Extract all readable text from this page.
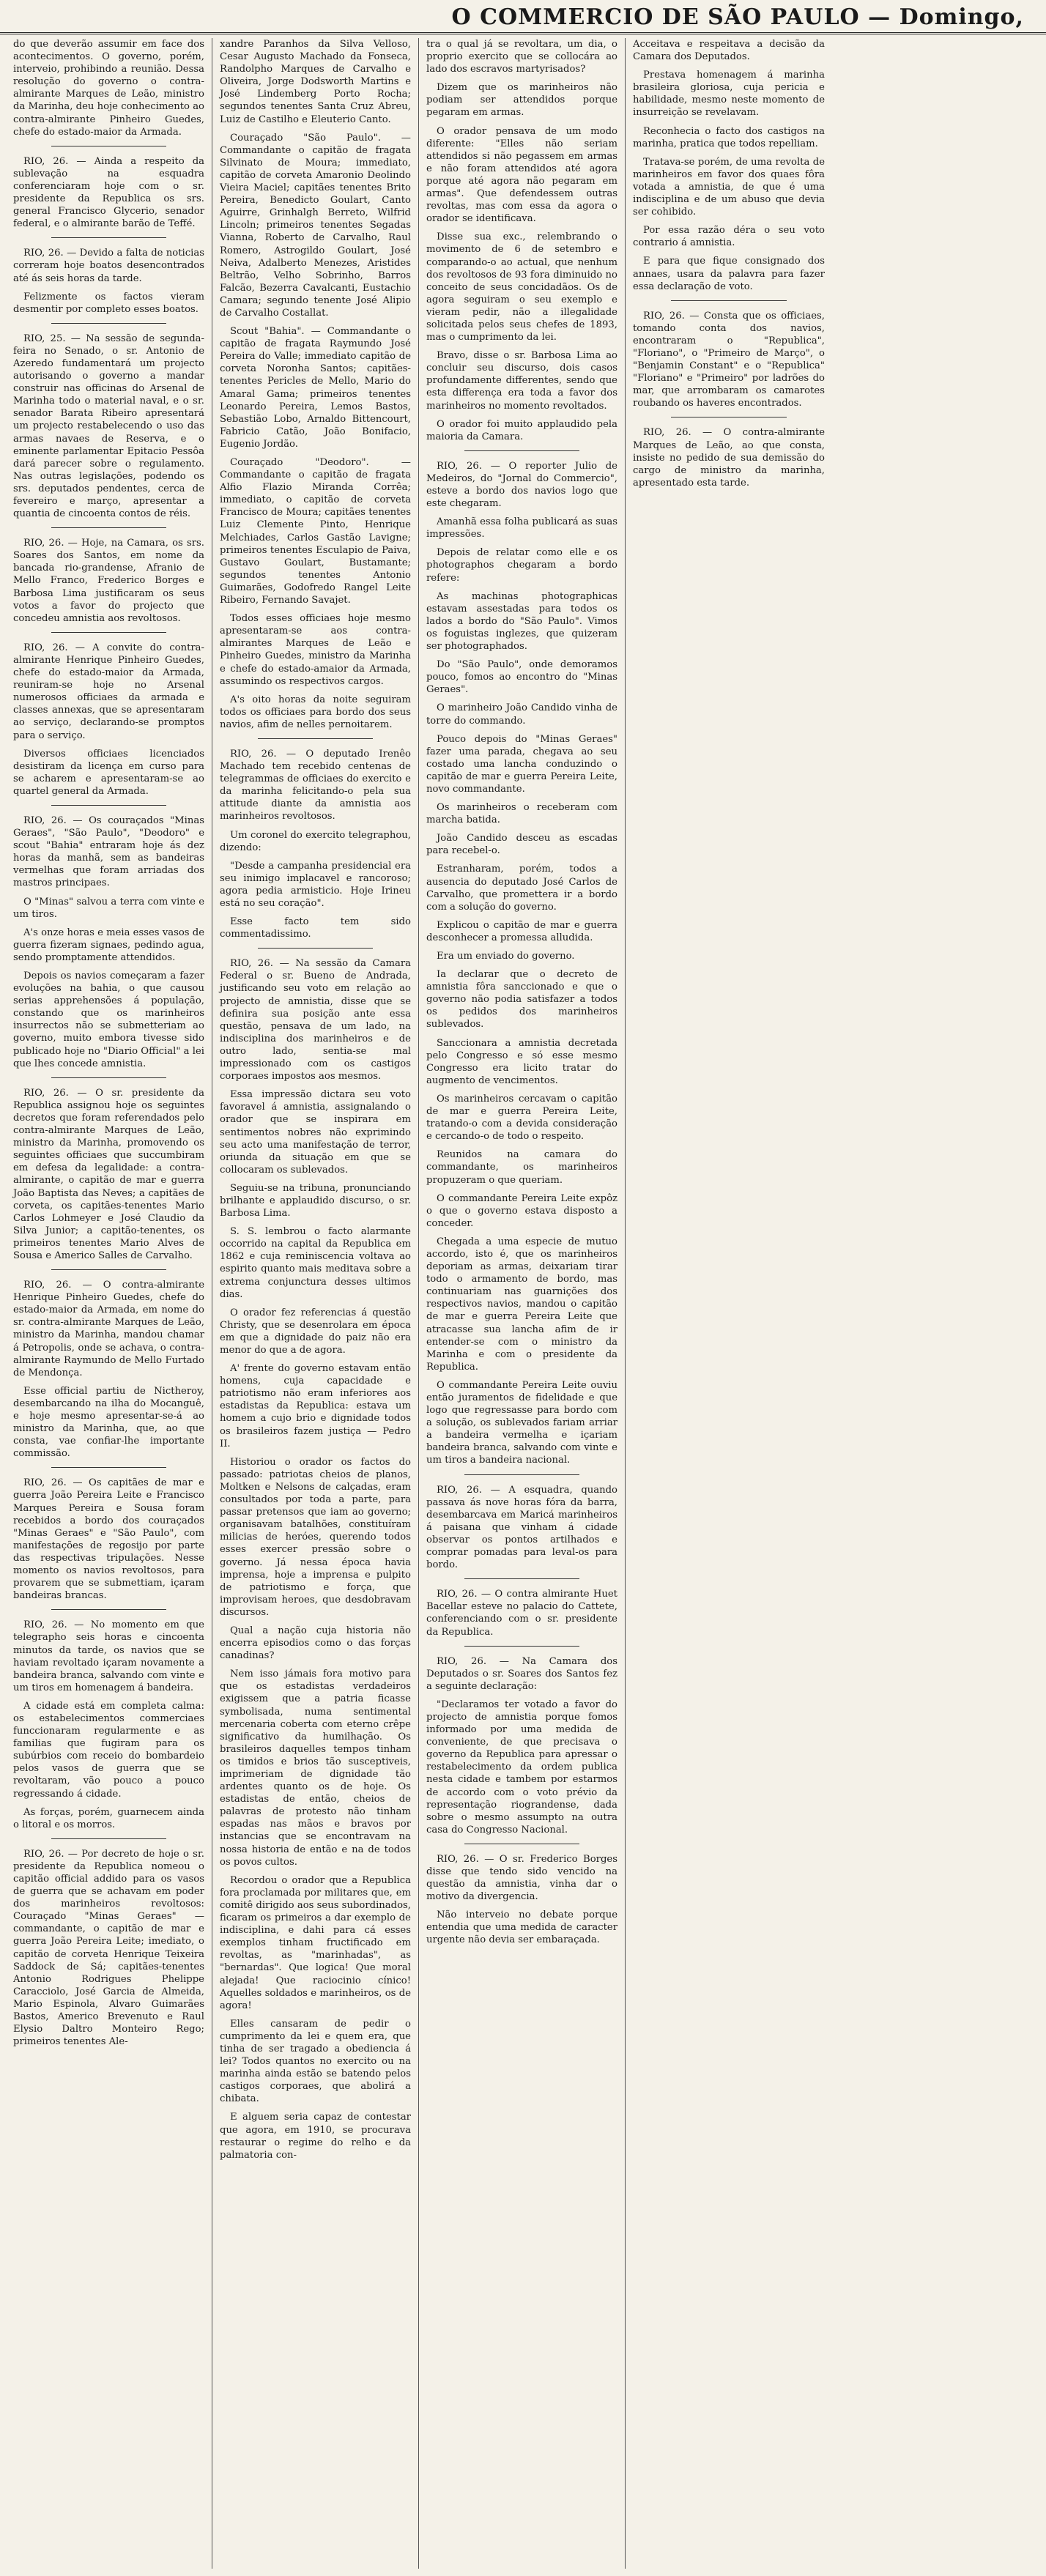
O COMMERCIO DE SÃO PAULO — Domingo,

do que deverão assumir em face dos acontecimentos. O governo, porém, interveio, prohibindo a reunião. Dessa resolução do governo o contra-almirante Marques de Leão, ministro da Marinha, deu hoje conhecimento ao contra-almirante Pinheiro Guedes, chefe do estado-maior da Armada.

RIO, 26. — Ainda a respeito da sublevação na esquadra conferenciaram hoje com o sr. presidente da Republica os srs. general Francisco Glycerio, senador federal, e o almirante barão de Teffé.

RIO, 26. — Devido a falta de noticias correram hoje boatos desencontrados até ás seis horas da tarde.

Felizmente os factos vieram desmentir por completo esses boatos.

RIO, 25. — Na sessão de segunda-feira no Senado, o sr. Antonio de Azeredo fundamentará um projecto autorisando o governo a mandar construir nas officinas do Arsenal de Marinha todo o material naval, e o sr. senador Barata Ribeiro apresentará um projecto restabelecendo o uso das armas navaes de Reserva, e o eminente parlamentar Epitacio Pessôa dará parecer sobre o regulamento. Nas outras legislações, podendo os srs. deputados pendentes, cerca de fevereiro e março, apresentar a quantia de cincoenta contos de réis.

RIO, 26. — Hoje, na Camara, os srs. Soares dos Santos, em nome da bancada rio-grandense, Afranio de Mello Franco, Frederico Borges e Barbosa Lima justificaram os seus votos a favor do projecto que concedeu amnistia aos revoltosos.

RIO, 26. — A convite do contra-almirante Henrique Pinheiro Guedes, chefe do estado-maior da Armada, reuniram-se hoje no Arsenal numerosos officiaes da armada e classes annexas, que se apresentaram ao serviço, declarando-se promptos para o serviço.

Diversos officiaes licenciados desistiram da licença em curso para se acharem e apresentaram-se ao quartel general da Armada.

RIO, 26. — Os couraçados "Minas Geraes", "São Paulo", "Deodoro" e scout "Bahia" entraram hoje ás dez horas da manhã, sem as bandeiras vermelhas que foram arriadas dos mastros principaes.

O "Minas" salvou a terra com vinte e um tiros.

A's onze horas e meia esses vasos de guerra fizeram signaes, pedindo agua, sendo promptamente attendidos.

Depois os navios começaram a fazer evoluções na bahia, o que causou serias apprehensões á população, constando que os marinheiros insurrectos não se submetteriam ao governo, muito embora tivesse sido publicado hoje no "Diario Official" a lei que lhes concede amnistia.

RIO, 26. — O sr. presidente da Republica assignou hoje os seguintes decretos que foram referendados pelo contra-almirante Marques de Leão, ministro da Marinha, promovendo os seguintes officiaes que succumbiram em defesa da legalidade: a contra-almirante, o capitão de mar e guerra João Baptista das Neves; a capitães de corveta, os capitães-tenentes Mario Carlos Lohmeyer e José Claudio da Silva Junior; a capitão-tenentes, os primeiros tenentes Mario Alves de Sousa e Americo Salles de Carvalho.

RIO, 26. — O contra-almirante Henrique Pinheiro Guedes, chefe do estado-maior da Armada, em nome do sr. contra-almirante Marques de Leão, ministro da Marinha, mandou chamar á Petropolis, onde se achava, o contra-almirante Raymundo de Mello Furtado de Mendonça.

Esse official partiu de Nictheroy, desembarcando na ilha do Mocanguê, e hoje mesmo apresentar-se-á ao ministro da Marinha, que, ao que consta, vae confiar-lhe importante commissão.

RIO, 26. — Os capitães de mar e guerra João Pereira Leite e Francisco Marques Pereira e Sousa foram recebidos a bordo dos couraçados "Minas Geraes" e "São Paulo", com manifestações de regosijo por parte das respectivas tripulações. Nesse momento os navios revoltosos, para provarem que se submettiam, içaram bandeiras brancas.

RIO, 26. — No momento em que telegrapho seis horas e cincoenta minutos da tarde, os navios que se haviam revoltado içaram novamente a bandeira branca, salvando com vinte e um tiros em homenagem á bandeira.

A cidade está em completa calma: os estabelecimentos commerciaes funccionaram regularmente e as familias que fugiram para os subúrbios com receio do bombardeio pelos vasos de guerra que se revoltaram, vão pouco a pouco regressando á cidade.

As forças, porém, guarnecem ainda o litoral e os morros.

RIO, 26. — Por decreto de hoje o sr. presidente da Republica nomeou o capitão official addido para os vasos de guerra que se achavam em poder dos marinheiros revoltosos: Couraçado "Minas Geraes" — commandante, o capitão de mar e guerra João Pereira Leite; imediato, o capitão de corveta Henrique Teixeira Saddock de Sá; capitães-tenentes Antonio Rodrigues Phelippe Caracciolo, José Garcia de Almeida, Mario Espinola, Alvaro Guimarães Bastos, Americo Brevenuto e Raul Elysio Daltro Monteiro Rego; primeiros tenentes Ale-

xandre Paranhos da Silva Velloso, Cesar Augusto Machado da Fonseca, Randolpho Marques de Carvalho e Oliveira, Jorge Dodsworth Martins e José Lindemberg Porto Rocha; segundos tenentes Santa Cruz Abreu, Luiz de Castilho e Eleuterio Canto.

Couraçado "São Paulo". — Commandante o capitão de fragata Silvinato de Moura; immediato, capitão de corveta Amaronio Deolindo Vieira Maciel; capitães tenentes Brito Pereira, Benedicto Goulart, Canto Aguirre, Grinhalgh Berreto, Wilfrid Lincoln; primeiros tenentes Segadas Vianna, Roberto de Carvalho, Raul Romero, Astrogildo Goulart, José Neiva, Adalberto Menezes, Aristides Beltrão, Velho Sobrinho, Barros Falcão, Bezerra Cavalcanti, Eustachio Camara; segundo tenente José Alipio de Carvalho Costallat.

Scout "Bahia". — Commandante o capitão de fragata Raymundo José Pereira do Valle; immediato capitão de corveta Noronha Santos; capitães-tenentes Pericles de Mello, Mario do Amaral Gama; primeiros tenentes Leonardo Pereira, Lemos Bastos, Sebastião Lobo, Arnaldo Bittencourt, Fabricio Catão, João Bonifacio, Eugenio Jordão.

Couraçado "Deodoro". — Commandante o capitão de fragata Alfio Flazio Miranda Corrêa; immediato, o capitão de corveta Francisco de Moura; capitães tenentes Luiz Clemente Pinto, Henrique Melchiades, Carlos Gastão Lavigne; primeiros tenentes Esculapio de Paiva, Gustavo Goulart, Bustamante; segundos tenentes Antonio Guimarães, Godofredo Rangel Leite Ribeiro, Fernando Savajet.

Todos esses officiaes hoje mesmo apresentaram-se aos contra-almirantes Marques de Leão e Pinheiro Guedes, ministro da Marinha e chefe do estado-amaior da Armada, assumindo os respectivos cargos.

A's oito horas da noite seguiram todos os officiaes para bordo dos seus navios, afim de nelles pernoitarem.

RIO, 26. — O deputado Irenêo Machado tem recebido centenas de telegrammas de officiaes do exercito e da marinha felicitando-o pela sua attitude diante da amnistia aos marinheiros revoltosos.

Um coronel do exercito telegraphou, dizendo:

"Desde a campanha presidencial era seu inimigo implacavel e rancoroso; agora pedia armisticio. Hoje Irineu está no seu coração".

Esse facto tem sido commentadissimo.

RIO, 26. — Na sessão da Camara Federal o sr. Bueno de Andrada, justificando seu voto em relação ao projecto de amnistia, disse que se definira sua posição ante essa questão, pensava de um lado, na indisciplina dos marinheiros e de outro lado, sentia-se mal impressionado com os castigos corporaes impostos aos mesmos.

Essa impressão dictara seu voto favoravel á amnistia, assignalando o orador que se inspirara em sentimentos nobres não exprimindo seu acto uma manifestação de terror, oriunda da situação em que se collocaram os sublevados.

Seguiu-se na tribuna, pronunciando brilhante e applaudido discurso, o sr. Barbosa Lima.

S. S. lembrou o facto alarmante occorrido na capital da Republica em 1862 e cuja reminiscencia voltava ao espirito quanto mais meditava sobre a extrema conjunctura desses ultimos dias.

O orador fez referencias á questão Christy, que se desenrolara em época em que a dignidade do paiz não era menor do que a de agora.

A' frente do governo estavam então homens, cuja capacidade e patriotismo não eram inferiores aos estadistas da Republica: estava um homem a cujo brio e dignidade todos os brasileiros fazem justiça — Pedro II.

Historiou o orador os factos do passado: patriotas cheios de planos, Moltken e Nelsons de calçadas, eram consultados por toda a parte, para passar pretensos que iam ao governo; organisavam batalhões, constituíram milicias de heróes, querendo todos esses exercer pressão sobre o governo. Já nessa época havia imprensa, hoje a imprensa e pulpito de patriotismo e força, que improvisam heroes, que desdobravam discursos.

Qual a nação cuja historia não encerra episodios como o das forças canadinas?

Nem isso jámais fora motivo para que os estadistas verdadeiros exigissem que a patria ficasse symbolisada, numa sentimental mercenaria coberta com eterno crêpe significativo da humilhação. Os brasileiros daquelles tempos tinham os timidos e brios tão susceptiveis, imprimeriam de dignidade tão ardentes quanto os de hoje. Os estadistas de então, cheios de palavras de protesto não tinham espadas nas mãos e bravos por instancias que se encontravam na nossa historia de então e na de todos os povos cultos.

Recordou o orador que a Republica fora proclamada por militares que, em comitê dirigido aos seus subordinados, ficaram os primeiros a dar exemplo de indisciplina, e dahi para cá esses exemplos tinham fructificado em revoltas, as "marinhadas", as "bernardas". Que logica! Que moral alejada! Que raciocinio cínico! Aquelles soldados e marinheiros, os de agora!

Elles cansaram de pedir o cumprimento da lei e quem era, que tinha de ser tragado a obediencia á lei? Todos quantos no exercito ou na marinha ainda estão se batendo pelos castigos corporaes, que abolirá a chibata.

E alguem seria capaz de contestar que agora, em 1910, se procurava restaurar o regime do relho e da palmatoria con-

tra o qual já se revoltara, um dia, o proprio exercito que se collocára ao lado dos escravos martyrisados?

Dizem que os marinheiros não podiam ser attendidos porque pegaram em armas.

O orador pensava de um modo diferente: "Elles não seriam attendidos si não pegassem em armas e não foram attendidos até agora porque até agora não pegaram em armas". Que defendessem outras revoltas, mas com essa da agora o orador se identificava.

Disse sua exc., relembrando o movimento de 6 de setembro e comparando-o ao actual, que nenhum dos revoltosos de 93 fora diminuido no conceito de seus concidadãos. Os de agora seguiram o seu exemplo e vieram pedir, não a illegalidade solicitada pelos seus chefes de 1893, mas o cumprimento da lei.

Bravo, disse o sr. Barbosa Lima ao concluir seu discurso, dois casos profundamente differentes, sendo que esta differença era toda a favor dos marinheiros no momento revoltados.

O orador foi muito applaudido pela maioria da Camara.

RIO, 26. — O reporter Julio de Medeiros, do "Jornal do Commercio", esteve a bordo dos navios logo que este chegaram.

Amanhã essa folha publicará as suas impressões.

Depois de relatar como elle e os photographos chegaram a bordo refere:

As machinas photographicas estavam assestadas para todos os lados a bordo do "São Paulo". Vimos os foguistas inglezes, que quizeram ser photographados.

Do "São Paulo", onde demoramos pouco, fomos ao encontro do "Minas Geraes".

O marinheiro João Candido vinha de torre do commando.

Pouco depois do "Minas Geraes" fazer uma parada, chegava ao seu costado uma lancha conduzindo o capitão de mar e guerra Pereira Leite, novo commandante.

Os marinheiros o receberam com marcha batida.

João Candido desceu as escadas para recebel-o.

Estranharam, porém, todos a ausencia do deputado José Carlos de Carvalho, que promettera ir a bordo com a solução do governo.

Explicou o capitão de mar e guerra desconhecer a promessa alludida.

Era um enviado do governo.

Ia declarar que o decreto de amnistia fôra sanccionado e que o governo não podia satisfazer a todos os pedidos dos marinheiros sublevados.

Sanccionara a amnistia decretada pelo Congresso e só esse mesmo Congresso era licito tratar do augmento de vencimentos.

Os marinheiros cercavam o capitão de mar e guerra Pereira Leite, tratando-o com a devida consideração e cercando-o de todo o respeito.

Reunidos na camara do commandante, os marinheiros propuzeram o que queriam.

O commandante Pereira Leite expôz o que o governo estava disposto a conceder.

Chegada a uma especie de mutuo accordo, isto é, que os marinheiros deporiam as armas, deixariam tirar todo o armamento de bordo, mas continuariam nas guarnições dos respectivos navios, mandou o capitão de mar e guerra Pereira Leite que atracasse sua lancha afim de ir entender-se com o ministro da Marinha e com o presidente da Republica.

O commandante Pereira Leite ouviu então juramentos de fidelidade e que logo que regressasse para bordo com a solução, os sublevados fariam arriar a bandeira vermelha e içariam bandeira branca, salvando com vinte e um tiros a bandeira nacional.

RIO, 26. — A esquadra, quando passava ás nove horas fóra da barra, desembarcava em Maricá marinheiros á paisana que vinham á cidade observar os pontos artilhados e comprar pomadas para leval-os para bordo.

RIO, 26. — O contra almirante Huet Bacellar esteve no palacio do Cattete, conferenciando com o sr. presidente da Republica.

RIO, 26. — Na Camara dos Deputados o sr. Soares dos Santos fez a seguinte declaração:

"Declaramos ter votado a favor do projecto de amnistia porque fomos informado por uma medida de conveniente, de que precisava o governo da Republica para apressar o restabelecimento da ordem publica nesta cidade e tambem por estarmos de accordo com o voto prévio da representação riograndense, dada sobre o mesmo assumpto na outra casa do Congresso Nacional.

RIO, 26. — O sr. Frederico Borges disse que tendo sido vencido na questão da amnistia, vinha dar o motivo da divergencia.

Não interveio no debate porque entendia que uma medida de caracter urgente não devia ser embaraçada.

Acceitava e respeitava a decisão da Camara dos Deputados.

Prestava homenagem á marinha brasileira gloriosa, cuja pericia e habilidade, mesmo neste momento de insurreição se revelavam.

Reconhecia o facto dos castigos na marinha, pratica que todos repelliam.

Tratava-se porém, de uma revolta de marinheiros em favor dos quaes fôra votada a amnistia, de que é uma indisciplina e de um abuso que devia ser cohibido.

Por essa razão déra o seu voto contrario á amnistia.

E para que fique consignado dos annaes, usara da palavra para fazer essa declaração de voto.

RIO, 26. — Consta que os officiaes, tomando conta dos navios, encontraram o "Republica", "Floriano", o "Primeiro de Março", o "Benjamin Constant" e o "Republica" "Floriano" e "Primeiro" por ladrões do mar, que arrombaram os camarotes roubando os haveres encontrados.

RIO, 26. — O contra-almirante Marques de Leão, ao que consta, insiste no pedido de sua demissão do cargo de ministro da marinha, apresentado esta tarde.
